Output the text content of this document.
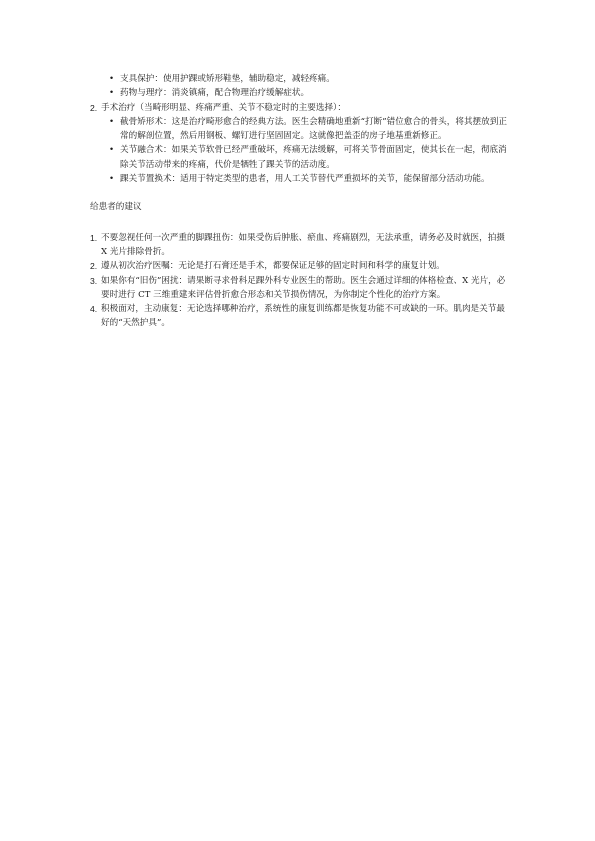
• 支具保护：使用护踝或矫形鞋垫，辅助稳定，减轻疼痛。
• 药物与理疗：消炎镇痛，配合物理治疗缓解症状。
2. 手术治疗（当畸形明显、疼痛严重、关节不稳定时的主要选择）：
• 截骨矫形术：这是治疗畸形愈合的经典方法。医生会精确地重新“打断”错位愈合的骨头，将其摆放到正常的解剖位置，然后用钢板、螺钉进行坚固固定。这就像把盖歪的房子地基重新修正。
• 关节融合术：如果关节软骨已经严重破坏，疼痛无法缓解，可将关节骨面固定，使其长在一起，彻底消除关节活动带来的疼痛，代价是牺牲了踝关节的活动度。
• 踝关节置换术：适用于特定类型的患者，用人工关节替代严重损坏的关节，能保留部分活动功能。
给患者的建议
1. 不要忽视任何一次严重的脚踝扭伤：如果受伤后肿胀、瘀血、疼痛剧烈，无法承重，请务必及时就医，拍摄 X 光片排除骨折。
2. 遵从初次治疗医嘱：无论是打石膏还是手术，都要保证足够的固定时间和科学的康复计划。
3. 如果你有“旧伤”困扰：请果断寻求骨科足踝外科专业医生的帮助。医生会通过详细的体格检查、X 光片，必要时进行 CT 三维重建来评估骨折愈合形态和关节损伤情况，为你制定个性化的治疗方案。
4. 积极面对，主动康复：无论选择哪种治疗，系统性的康复训练都是恢复功能不可或缺的一环。肌肉是关节最好的“天然护具”。
